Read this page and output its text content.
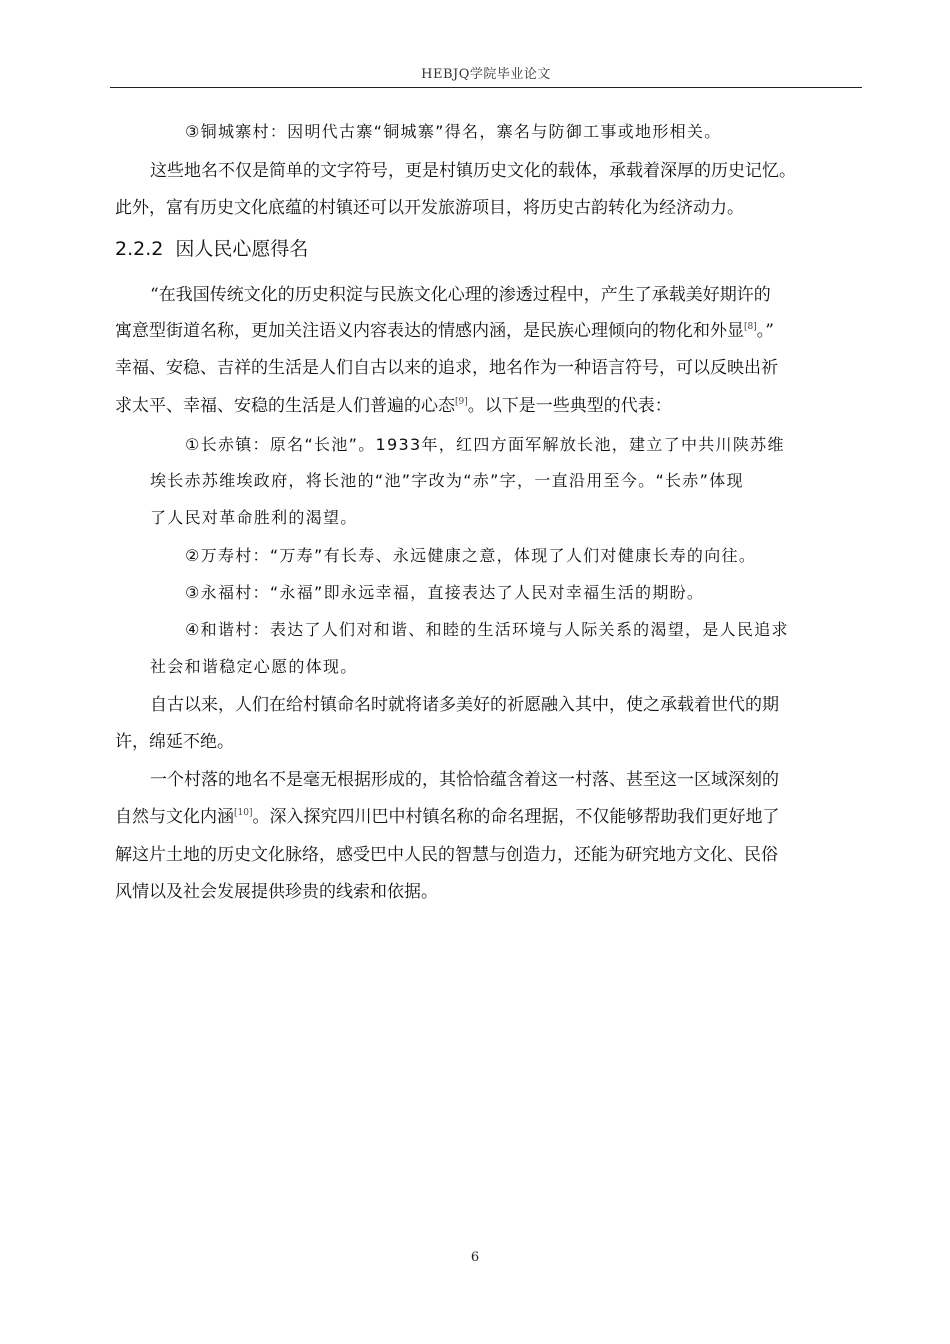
HEBJQ学院毕业论文
③铜城寨村：因明代古寨“铜城寨”得名，寨名与防御工事或地形相关。
这些地名不仅是简单的文字符号，更是村镇历史文化的载体，承载着深厚的历史记忆。
此外，富有历史文化底蕴的村镇还可以开发旅游项目，将历史古韵转化为经济动力。
2.2.2 因人民心愿得名
“在我国传统文化的历史积淀与民族文化心理的渗透过程中，产生了承载美好期许的
寓意型街道名称，更加关注语义内容表达的情感内涵，是民族心理倾向的物化和外显[8]。”
幸福、安稳、吉祥的生活是人们自古以来的追求，地名作为一种语言符号，可以反映出祈
求太平、幸福、安稳的生活是人们普遍的心态[9]。以下是一些典型的代表：
①长赤镇：原名“长池”。1933年，红四方面军解放长池，建立了中共川陕苏维
埃长赤苏维埃政府，将长池的“池”字改为“赤”字，一直沿用至今。“长赤”体现
了人民对革命胜利的渴望。
②万寿村：“万寿”有长寿、永远健康之意，体现了人们对健康长寿的向往。
③永福村：“永福”即永远幸福，直接表达了人民对幸福生活的期盼。
④和谐村：表达了人们对和谐、和睦的生活环境与人际关系的渴望，是人民追求
社会和谐稳定心愿的体现。
自古以来，人们在给村镇命名时就将诸多美好的祈愿融入其中，使之承载着世代的期
许，绵延不绝。
一个村落的地名不是毫无根据形成的，其恰恰蕴含着这一村落、甚至这一区域深刻的
自然与文化内涵[10]。深入探究四川巴中村镇名称的命名理据，不仅能够帮助我们更好地了
解这片土地的历史文化脉络，感受巴中人民的智慧与创造力，还能为研究地方文化、民俗
风情以及社会发展提供珍贵的线索和依据。
6
